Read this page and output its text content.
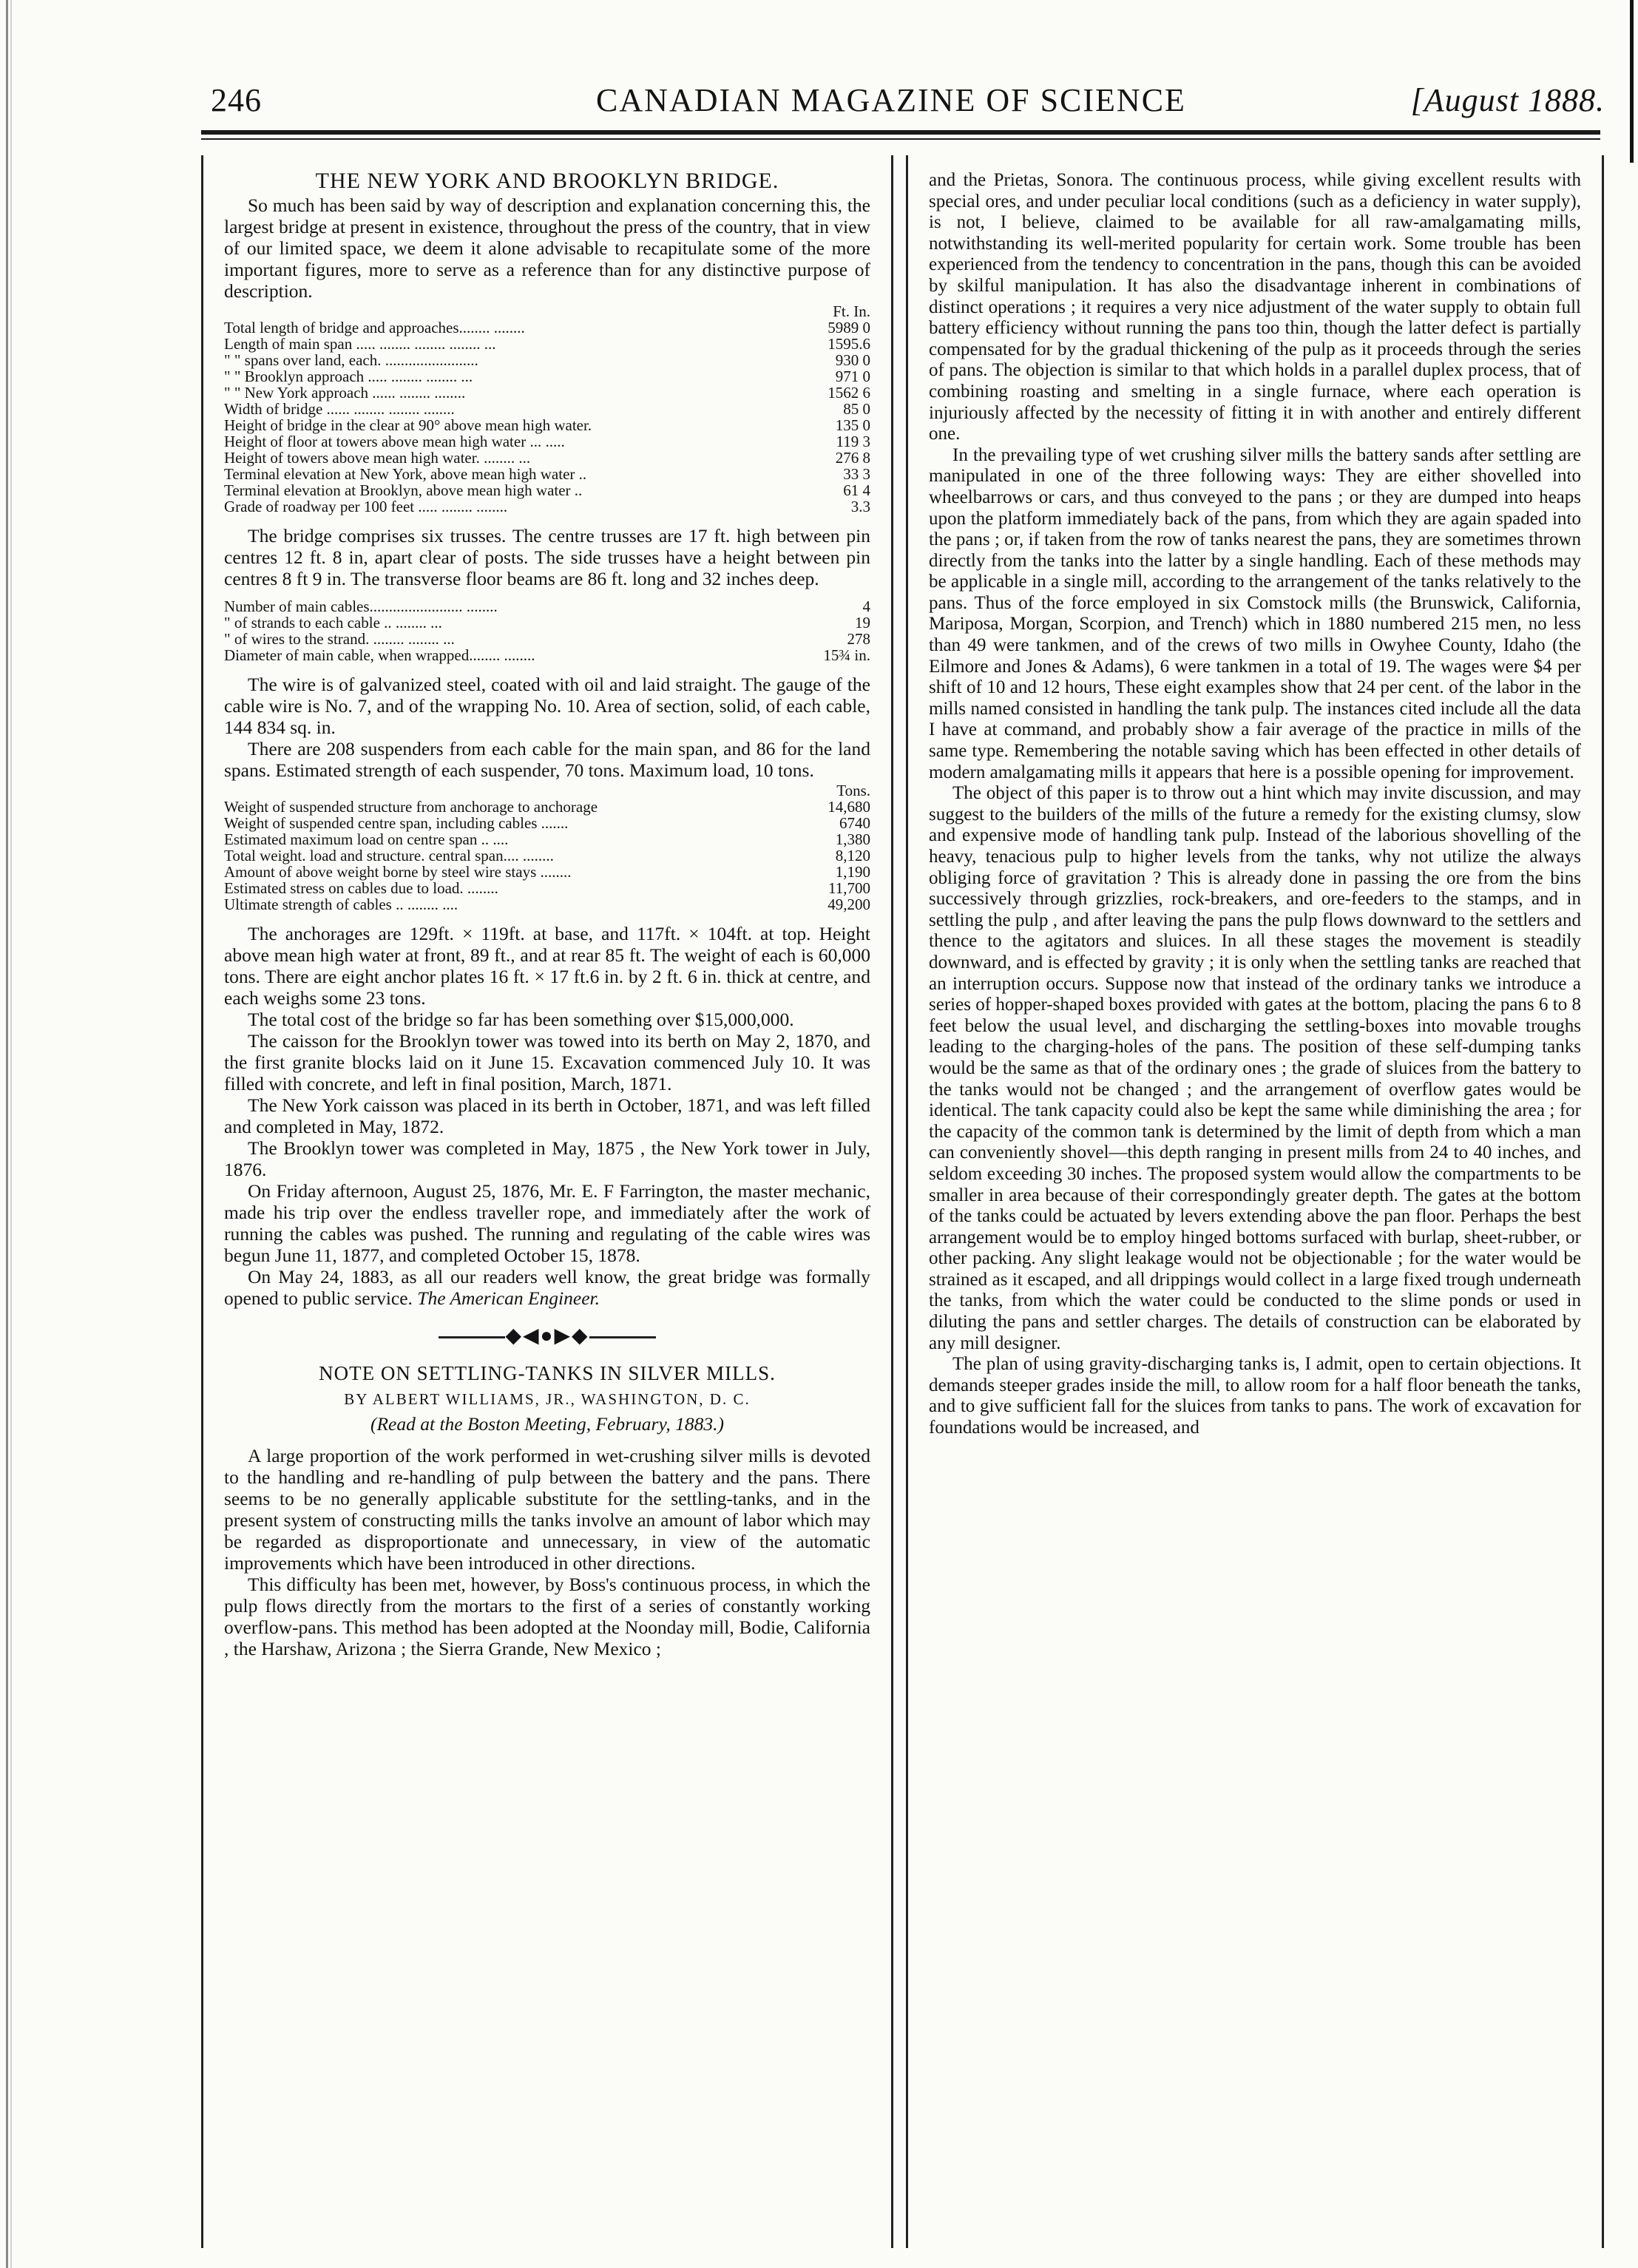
246	CANADIAN MAGAZINE OF SCIENCE	[August 1888.
THE NEW YORK AND BROOKLYN BRIDGE.

So much has been said by way of description and explanation concerning this, the largest bridge at present in existence, throughout the press of the country, that in view of our limited space, we deem it alone advisable to recapitulate some of the more important figures, more to serve as a reference than for any distinctive purpose of description.

Ft. In.
Total length of bridge and approaches........ ........	5989 0
Length of main span ..... ........ ........ ........ ...	1595.6
" " spans over land, each. ........................	930 0
" " Brooklyn approach ..... ........ ........ ...	971 0
" " New York approach ...... ........ ........	1562 6
Width of bridge ...... ........ ........ ........	85 0
Height of bridge in the clear at 90° above mean high water.	135 0
Height of floor at towers above mean high water ... .....	119 3
Height of towers above mean high water. ........ ...	276 8
Terminal elevation at New York, above mean high water ..	33 3
Terminal elevation at Brooklyn, above mean high water ..	61 4
Grade of roadway per 100 feet ..... ........ ........	3.3

The bridge comprises six trusses. The centre trusses are 17 ft. high between pin centres 12 ft. 8 in, apart clear of posts. The side trusses have a height between pin centres 8 ft 9 in. The transverse floor beams are 86 ft. long and 32 inches deep.

Number of main cables........................ ........	4
" of strands to each cable .. ........ ...	19
" of wires to the strand. ........ ........ ...	278
Diameter of main cable, when wrapped........ ........	15¾ in.

The wire is of galvanized steel, coated with oil and laid straight. The gauge of the cable wire is No. 7, and of the wrapping No. 10. Area of section, solid, of each cable, 144 834 sq. in.

There are 208 suspenders from each cable for the main span, and 86 for the land spans. Estimated strength of each suspender, 70 tons. Maximum load, 10 tons.

Tons.
Weight of suspended structure from anchorage to anchorage	14,680
Weight of suspended centre span, including cables .......	6740
Estimated maximum load on centre span .. ....	1,380
Total weight. load and structure. central span.... ........	8,120
Amount of above weight borne by steel wire stays ........	1,190
Estimated stress on cables due to load. ........	11,700
Ultimate strength of cables .. ........ ....	49,200

The anchorages are 129ft. × 119ft. at base, and 117ft. × 104ft. at top. Height above mean high water at front, 89 ft., and at rear 85 ft. The weight of each is 60,000 tons. There are eight anchor plates 16 ft. × 17 ft.6 in. by 2 ft. 6 in. thick at centre, and each weighs some 23 tons.

The total cost of the bridge so far has been something over $15,000,000.

The caisson for the Brooklyn tower was towed into its berth on May 2, 1870, and the first granite blocks laid on it June 15. Excavation commenced July 10. It was filled with concrete, and left in final position, March, 1871.

The New York caisson was placed in its berth in October, 1871, and was left filled and completed in May, 1872.

The Brooklyn tower was completed in May, 1875 , the New York tower in July, 1876.

On Friday afternoon, August 25, 1876, Mr. E. F Farrington, the master mechanic, made his trip over the endless traveller rope, and immediately after the work of running the cables was pushed. The running and regulating of the cable wires was begun June 11, 1877, and completed October 15, 1878.

On May 24, 1883, as all our readers well know, the great bridge was formally opened to public service. The American Engineer.

◆◀●▶◆
NOTE ON SETTLING-TANKS IN SILVER MILLS.
BY ALBERT WILLIAMS, JR., WASHINGTON, D. C.
(Read at the Boston Meeting, February, 1883.)

A large proportion of the work performed in wet-crushing silver mills is devoted to the handling and re-handling of pulp between the battery and the pans. There seems to be no generally applicable substitute for the settling-tanks, and in the present system of constructing mills the tanks involve an amount of labor which may be regarded as disproportionate and unnecessary, in view of the automatic improvements which have been introduced in other directions.

This difficulty has been met, however, by Boss's continuous process, in which the pulp flows directly from the mortars to the first of a series of constantly working overflow-pans. This method has been adopted at the Noonday mill, Bodie, California , the Harshaw, Arizona ; the Sierra Grande, New Mexico ;

and the Prietas, Sonora. The continuous process, while giving excellent results with special ores, and under peculiar local conditions (such as a deficiency in water supply), is not, I believe, claimed to be available for all raw-amalgamating mills, notwithstanding its well-merited popularity for certain work. Some trouble has been experienced from the tendency to concentration in the pans, though this can be avoided by skilful manipulation. It has also the disadvantage inherent in combinations of distinct operations ; it requires a very nice adjustment of the water supply to obtain full battery efficiency without running the pans too thin, though the latter defect is partially compensated for by the gradual thickening of the pulp as it proceeds through the series of pans. The objection is similar to that which holds in a parallel duplex process, that of combining roasting and smelting in a single furnace, where each operation is injuriously affected by the necessity of fitting it in with another and entirely different one.

In the prevailing type of wet crushing silver mills the battery sands after settling are manipulated in one of the three following ways: They are either shovelled into wheelbarrows or cars, and thus conveyed to the pans ; or they are dumped into heaps upon the platform immediately back of the pans, from which they are again spaded into the pans ; or, if taken from the row of tanks nearest the pans, they are sometimes thrown directly from the tanks into the latter by a single handling. Each of these methods may be applicable in a single mill, according to the arrangement of the tanks relatively to the pans. Thus of the force employed in six Comstock mills (the Brunswick, California, Mariposa, Morgan, Scorpion, and Trench) which in 1880 numbered 215 men, no less than 49 were tankmen, and of the crews of two mills in Owyhee County, Idaho (the Eilmore and Jones & Adams), 6 were tankmen in a total of 19. The wages were $4 per shift of 10 and 12 hours, These eight examples show that 24 per cent. of the labor in the mills named consisted in handling the tank pulp. The instances cited include all the data I have at command, and probably show a fair average of the practice in mills of the same type. Remembering the notable saving which has been effected in other details of modern amalgamating mills it appears that here is a possible opening for improvement.

The object of this paper is to throw out a hint which may invite discussion, and may suggest to the builders of the mills of the future a remedy for the existing clumsy, slow and expensive mode of handling tank pulp. Instead of the laborious shovelling of the heavy, tenacious pulp to higher levels from the tanks, why not utilize the always obliging force of gravitation ? This is already done in passing the ore from the bins successively through grizzlies, rock-breakers, and ore-feeders to the stamps, and in settling the pulp , and after leaving the pans the pulp flows downward to the settlers and thence to the agitators and sluices. In all these stages the movement is steadily downward, and is effected by gravity ; it is only when the settling tanks are reached that an interruption occurs. Suppose now that instead of the ordinary tanks we introduce a series of hopper-shaped boxes provided with gates at the bottom, placing the pans 6 to 8 feet below the usual level, and discharging the settling-boxes into movable troughs leading to the charging-holes of the pans. The position of these self-dumping tanks would be the same as that of the ordinary ones ; the grade of sluices from the battery to the tanks would not be changed ; and the arrangement of overflow gates would be identical. The tank capacity could also be kept the same while diminishing the area ; for the capacity of the common tank is determined by the limit of depth from which a man can conveniently shovel—this depth ranging in present mills from 24 to 40 inches, and seldom exceeding 30 inches. The proposed system would allow the compartments to be smaller in area because of their correspondingly greater depth. The gates at the bottom of the tanks could be actuated by levers extending above the pan floor. Perhaps the best arrangement would be to employ hinged bottoms surfaced with burlap, sheet-rubber, or other packing. Any slight leakage would not be objectionable ; for the water would be strained as it escaped, and all drippings would collect in a large fixed trough underneath the tanks, from which the water could be conducted to the slime ponds or used in diluting the pans and settler charges. The details of construction can be elaborated by any mill designer.

The plan of using gravity-discharging tanks is, I admit, open to certain objections. It demands steeper grades inside the mill, to allow room for a half floor beneath the tanks, and to give sufficient fall for the sluices from tanks to pans. The work of excavation for foundations would be increased, and
